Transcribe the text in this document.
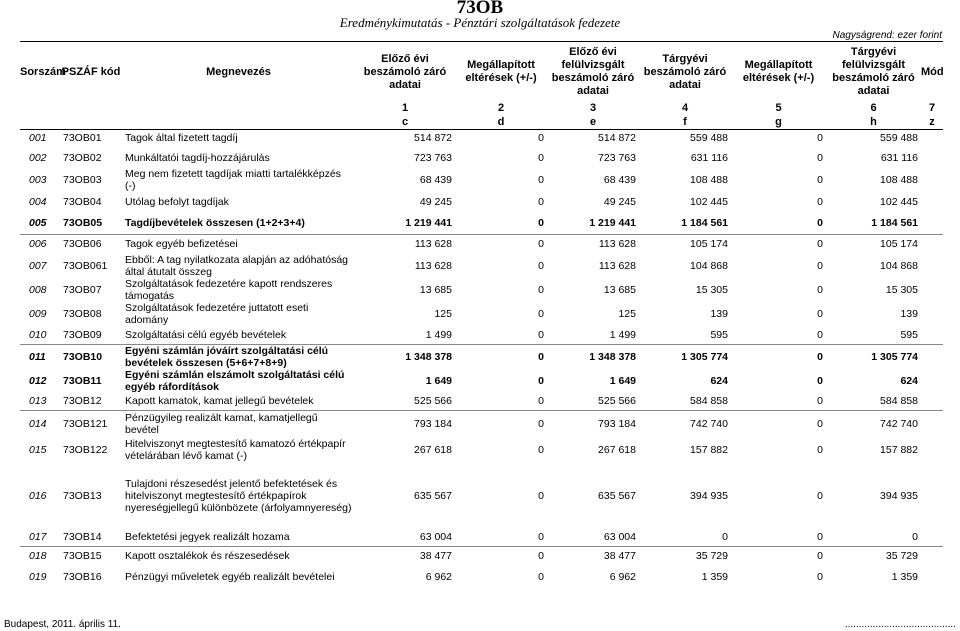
73OB
Eredménykimutatás - Pénztári szolgáltatások fedezete
Nagyságrend: ezer forint
Sorszám	PSZÁF kód	Megnevezés	Előző évi beszámoló záró adatai	Megállapított eltérések (+/-)	Előző évi felülvizsgált beszámoló záró adatai	Tárgyévi beszámoló záró adatai	Megállapított eltérések (+/-)	Tárgyévi felülvizsgált beszámoló záró adatai	Mód
			1	2	3	4	5	6	7
			c	d	e	f	g	h	z
001	73OB01	Tagok által fizetett tagdíj	514 872	0	514 872	559 488	0	559 488	
002	73OB02	Munkáltatói tagdíj-hozzájárulás	723 763	0	723 763	631 116	0	631 116	
003	73OB03	Meg nem fizetett tagdíjak miatti tartalékképzés (-)	68 439	0	68 439	108 488	0	108 488	
004	73OB04	Utólag befolyt tagdíjak	49 245	0	49 245	102 445	0	102 445	
005	73OB05	Tagdíjbevételek összesen (1+2+3+4)	1 219 441	0	1 219 441	1 184 561	0	1 184 561	
006	73OB06	Tagok egyéb befizetései	113 628	0	113 628	105 174	0	105 174	
007	73OB061	Ebből: A tag nyilatkozata alapján az adóhatóság által átutalt összeg	113 628	0	113 628	104 868	0	104 868	
008	73OB07	Szolgáltatások fedezetére kapott rendszeres támogatás	13 685	0	13 685	15 305	0	15 305	
009	73OB08	Szolgáltatások fedezetére juttatott eseti adomány	125	0	125	139	0	139	
010	73OB09	Szolgáltatási célú egyéb bevételek	1 499	0	1 499	595	0	595	
011	73OB10	Egyéni számlán jóváírt szolgáltatási célú bevételek összesen (5+6+7+8+9)	1 348 378	0	1 348 378	1 305 774	0	1 305 774	
012	73OB11	Egyéni számlán elszámolt szolgáltatási célú egyéb ráfordítások	1 649	0	1 649	624	0	624	
013	73OB12	Kapott kamatok, kamat jellegű bevételek	525 566	0	525 566	584 858	0	584 858	
014	73OB121	Pénzügyileg realizált kamat, kamatjellegű bevétel	793 184	0	793 184	742 740	0	742 740	
015	73OB122	Hitelviszonyt megtestesítő kamatozó értékpapír vételárában lévő kamat (-)	267 618	0	267 618	157 882	0	157 882	
016	73OB13	Tulajdoni részesedést jelentő befektetések és hitelviszonyt megtestesítő értékpapírok nyereségjellegű különbözete (árfolyamnyereség)	635 567	0	635 567	394 935	0	394 935	
017	73OB14	Befektetési jegyek realizált hozama	63 004	0	63 004	0	0	0	
018	73OB15	Kapott osztalékok és részesedések	38 477	0	38 477	35 729	0	35 729	
019	73OB16	Pénzügyi műveletek egyéb realizált bevételei	6 962	0	6 962	1 359	0	1 359	
Budapest, 2011. április 11.	........................................
